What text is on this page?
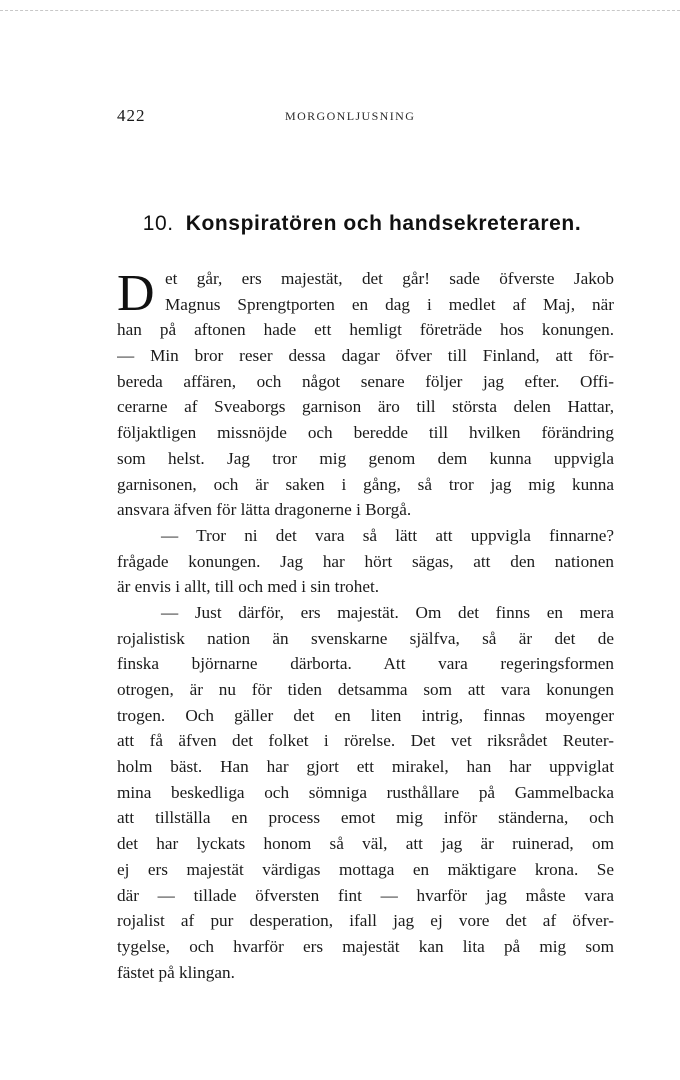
422	MORGONLJUSNING
10. Konspiratören och handsekreteraren.
D et går, ers majestät, det går! sade öfverste Jakob
Magnus Sprengtporten en dag i medlet af Maj, när
han på aftonen hade ett hemligt företräde hos konungen.
— Min bror reser dessa dagar öfver till Finland, att för-
bereda affären, och något senare följer jag efter. Offi-
cerarne af Sveaborgs garnison äro till största delen Hattar,
följaktligen missnöjde och beredde till hvilken förändring
som helst. Jag tror mig genom dem kunna uppvigla
garnisonen, och är saken i gång, så tror jag mig kunna
ansvara äfven för lätta dragonerne i Borgå.
— Tror ni det vara så lätt att uppvigla finnarne?
frågade konungen. Jag har hört sägas, att den nationen
är envis i allt, till och med i sin trohet.
— Just därför, ers majestät. Om det finns en mera
rojalistisk nation än svenskarne själfva, så är det de
finska björnarne därborta. Att vara regeringsformen
otrogen, är nu för tiden detsamma som att vara konungen
trogen. Och gäller det en liten intrig, finnas moyenger
att få äfven det folket i rörelse. Det vet riksrådet Reuter-
holm bäst. Han har gjort ett mirakel, han har uppviglat
mina beskedliga och sömniga rusthållare på Gammelbacka
att tillställa en process emot mig inför ständerna, och
det har lyckats honom så väl, att jag är ruinerad, om
ej ers majestät värdigas mottaga en mäktigare krona. Se
där — tillade öfversten fint — hvarför jag måste vara
rojalist af pur desperation, ifall jag ej vore det af öfver-
tygelse, och hvarför ers majestät kan lita på mig som
fästet på klingan.
